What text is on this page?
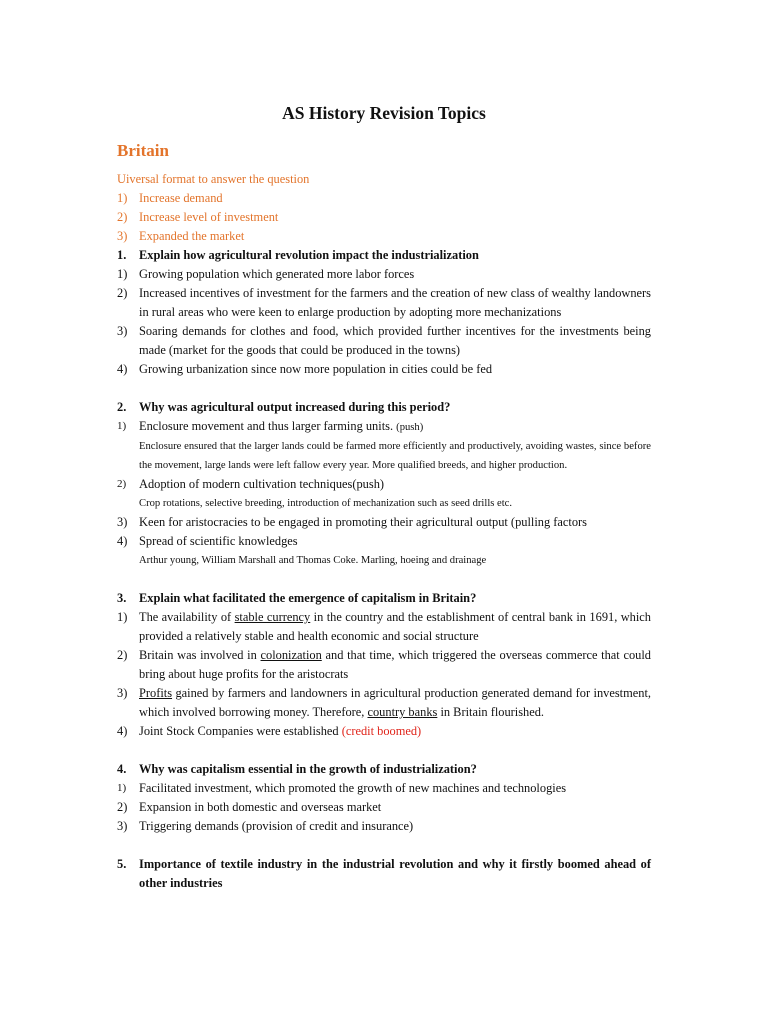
AS History Revision Topics
Britain
Uiversal format to answer the question
1) Increase demand
2) Increase level of investment
3) Expanded the market
1.	Explain how agricultural revolution impact the industrialization
1) Growing population which generated more labor forces
2) Increased incentives of investment for the farmers and the creation of new class of wealthy landowners in rural areas who were keen to enlarge production by adopting more mechanizations
3) Soaring demands for clothes and food, which provided further incentives for the investments being made (market for the goods that could be produced in the towns)
4) Growing urbanization since now more population in cities could be fed
2.	Why was agricultural output increased during this period?
1)	Enclosure movement and thus larger farming units. (push)
Enclosure ensured that the larger lands could be farmed more efficiently and productively, avoiding wastes, since before the movement, large lands were left fallow every year. More qualified breeds, and higher production.
2)	Adoption of modern cultivation techniques(push)
Crop rotations, selective breeding, introduction of mechanization such as seed drills etc.
3) Keen for aristocracies to be engaged in promoting their agricultural output (pulling factors
4) Spread of scientific knowledges
Arthur young, William Marshall and Thomas Coke. Marling, hoeing and drainage
3.	Explain what facilitated the emergence of capitalism in Britain?
1) The availability of stable currency in the country and the establishment of central bank in 1691, which provided a relatively stable and health economic and social structure
2) Britain was involved in colonization and that time, which triggered the overseas commerce that could bring about huge profits for the aristocrats
3) Profits gained by farmers and landowners in agricultural production generated demand for investment, which involved borrowing money. Therefore, country banks in Britain flourished.
4) Joint Stock Companies were established (credit boomed)
4.	Why was capitalism essential in the growth of industrialization?
1)	Facilitated investment, which promoted the growth of new machines and technologies
2) Expansion in both domestic and overseas market
3) Triggering demands (provision of credit and insurance)
5.	Importance of textile industry in the industrial revolution and why it firstly boomed ahead of other industries
